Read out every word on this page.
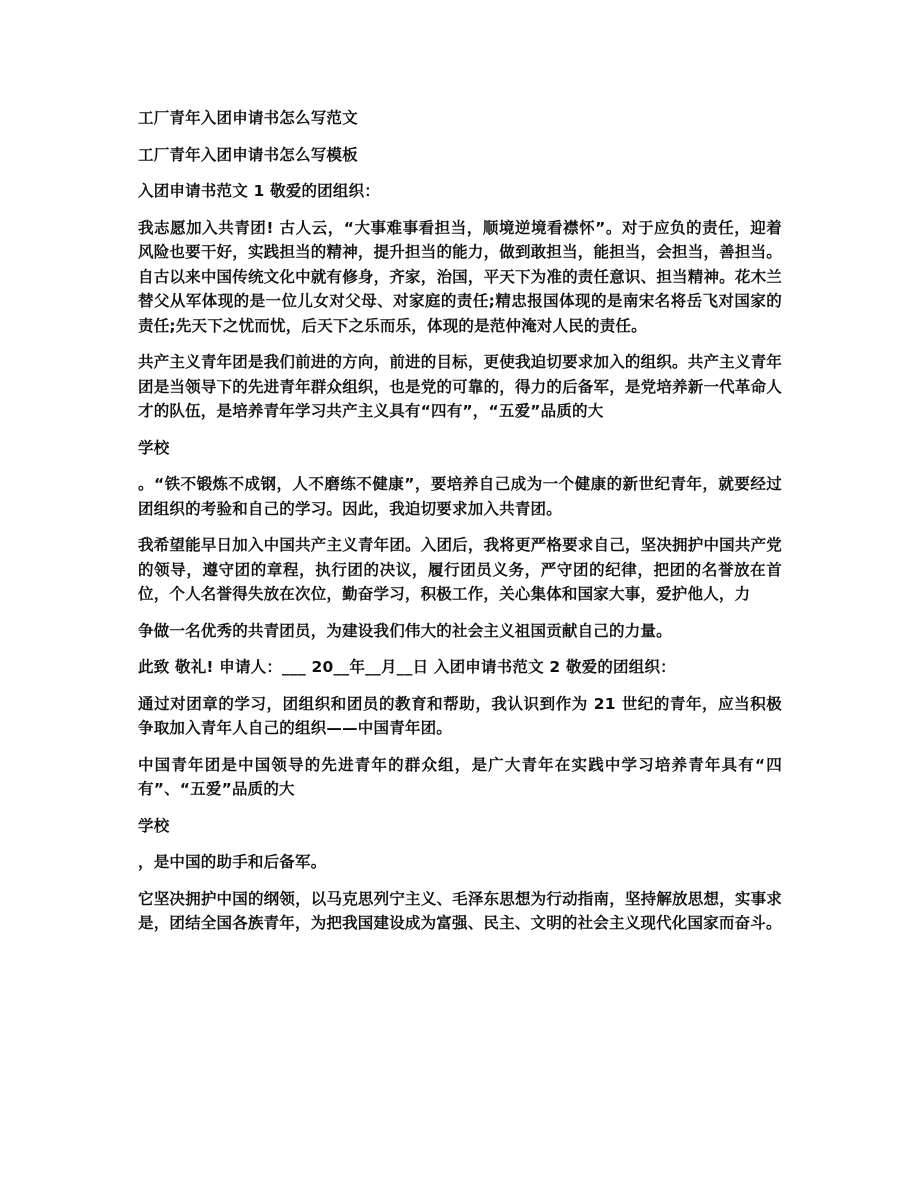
工厂青年入团申请书怎么写范文

工厂青年入团申请书怎么写模板

入团申请书范文 1 敬爱的团组织：

我志愿加入共青团! 古人云，“大事难事看担当，顺境逆境看襟怀”。对于应负的责任，迎着风险也要干好，实践担当的精神，提升担当的能力，做到敢担当，能担当，会担当，善担当。自古以来中国传统文化中就有修身，齐家，治国，平天下为准的责任意识、担当精神。花木兰替父从军体现的是一位儿女对父母、对家庭的责任;精忠报国体现的是南宋名将岳飞对国家的责任;先天下之忧而忧，后天下之乐而乐，体现的是范仲淹对人民的责任。

共产主义青年团是我们前进的方向，前进的目标，更使我迫切要求加入的组织。共产主义青年团是当领导下的先进青年群众组织，也是党的可靠的，得力的后备军，是党培养新一代革命人才的队伍，是培养青年学习共产主义具有“四有”，“五爱”品质的大

学校

。“铁不锻炼不成钢，人不磨练不健康”，要培养自己成为一个健康的新世纪青年，就要经过团组织的考验和自己的学习。因此，我迫切要求加入共青团。

我希望能早日加入中国共产主义青年团。入团后，我将更严格要求自己，坚决拥护中国共产党的领导，遵守团的章程，执行团的决议，履行团员义务，严守团的纪律，把团的名誉放在首位，个人名誉得失放在次位，勤奋学习，积极工作，关心集体和国家大事，爱护他人，力

争做一名优秀的共青团员，为建设我们伟大的社会主义祖国贡献自己的力量。

此致 敬礼! 申请人：___ 20__年__月__日 入团申请书范文 2 敬爱的团组织：

通过对团章的学习，团组织和团员的教育和帮助，我认识到作为 21 世纪的青年，应当积极争取加入青年人自己的组织——中国青年团。

中国青年团是中国领导的先进青年的群众组，是广大青年在实践中学习培养青年具有“四有”、“五爱”品质的大

学校

，是中国的助手和后备军。

它坚决拥护中国的纲领，以马克思列宁主义、毛泽东思想为行动指南，坚持解放思想，实事求是，团结全国各族青年，为把我国建设成为富强、民主、文明的社会主义现代化国家而奋斗。
